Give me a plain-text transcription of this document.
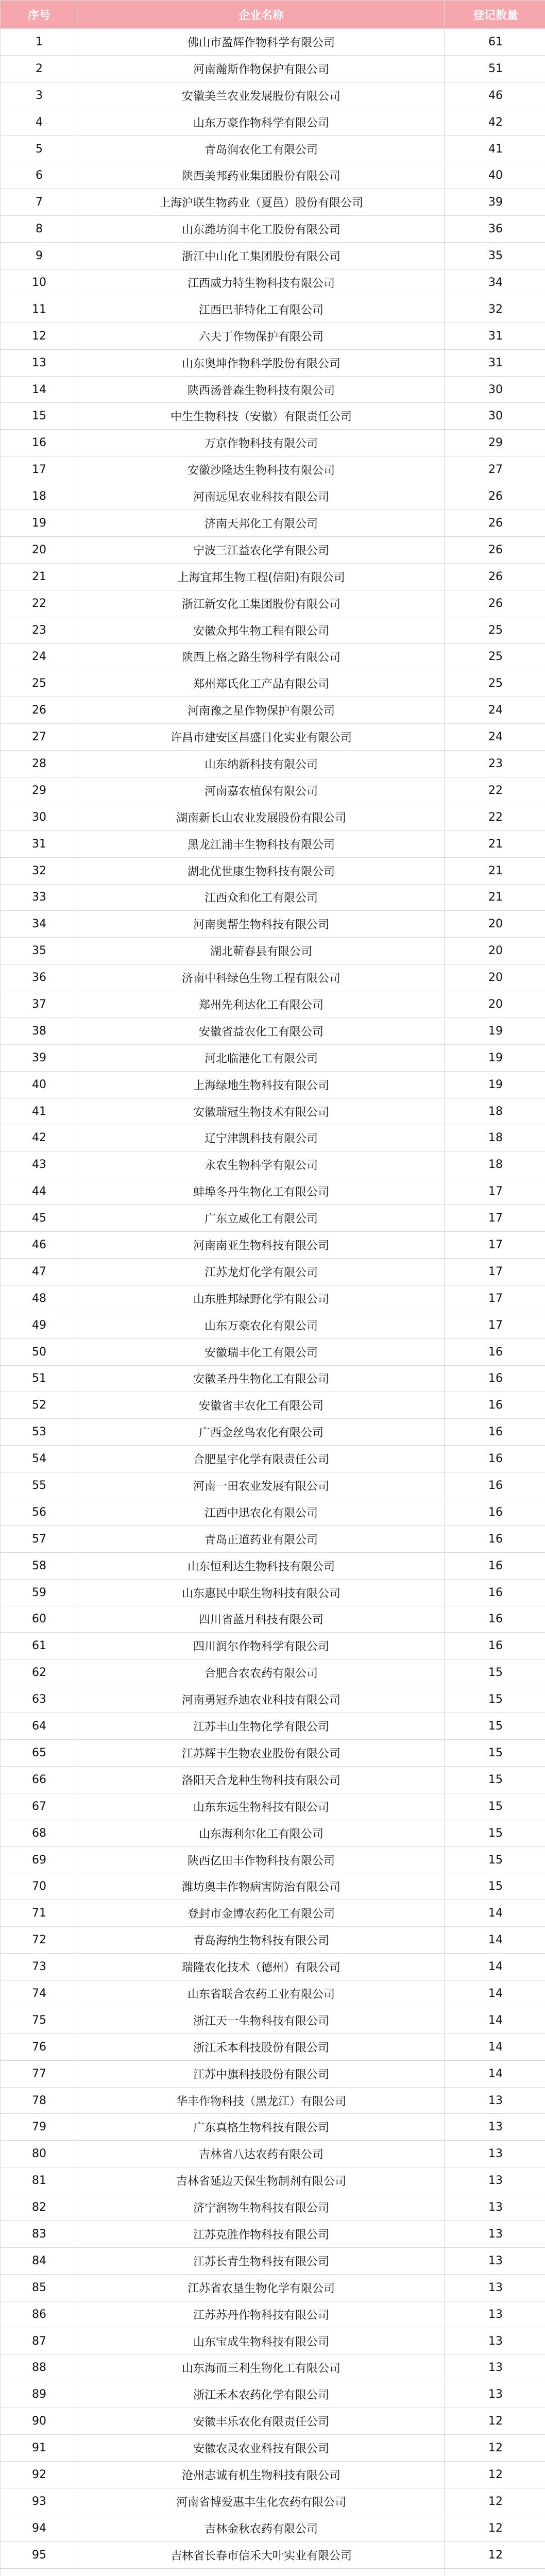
序号	企业名称	登记数量
1	佛山市盈辉作物科学有限公司	61
2	河南瀚斯作物保护有限公司	51
3	安徽美兰农业发展股份有限公司	46
4	山东万豪作物科学有限公司	42
5	青岛润农化工有限公司	41
6	陕西美邦药业集团股份有限公司	40
7	上海沪联生物药业（夏邑）股份有限公司	39
8	山东潍坊润丰化工股份有限公司	36
9	浙江中山化工集团股份有限公司	35
10	江西威力特生物科技有限公司	34
11	江西巴菲特化工有限公司	32
12	六夫丁作物保护有限公司	31
13	山东奥坤作物科学股份有限公司	31
14	陕西汤普森生物科技有限公司	30
15	中生生物科技（安徽）有限责任公司	30
16	万京作物科技有限公司	29
17	安徽沙隆达生物科技有限公司	27
18	河南远见农业科技有限公司	26
19	济南天邦化工有限公司	26
20	宁波三江益农化学有限公司	26
21	上海宜邦生物工程(信阳)有限公司	26
22	浙江新安化工集团股份有限公司	26
23	安徽众邦生物工程有限公司	25
24	陕西上格之路生物科学有限公司	25
25	郑州郑氏化工产品有限公司	25
26	河南豫之星作物保护有限公司	24
27	许昌市建安区昌盛日化实业有限公司	24
28	山东纳新科技有限公司	23
29	河南嘉农植保有限公司	22
30	湖南新长山农业发展股份有限公司	22
31	黑龙江浦丰生物科技有限公司	21
32	湖北优世康生物科技有限公司	21
33	江西众和化工有限公司	21
34	河南奥帮生物科技有限公司	20
35	湖北蕲春县有限公司	20
36	济南中科绿色生物工程有限公司	20
37	郑州先利达化工有限公司	20
38	安徽省益农化工有限公司	19
39	河北临港化工有限公司	19
40	上海绿地生物科技有限公司	19
41	安徽瑞冠生物技术有限公司	18
42	辽宁津凯科技有限公司	18
43	永农生物科学有限公司	18
44	蚌埠冬丹生物化工有限公司	17
45	广东立威化工有限公司	17
46	河南南亚生物科技有限公司	17
47	江苏龙灯化学有限公司	17
48	山东胜邦绿野化学有限公司	17
49	山东万豪农化有限公司	17
50	安徽瑞丰化工有限公司	16
51	安徽圣丹生物化工有限公司	16
52	安徽省丰农化工有限公司	16
53	广西金丝鸟农化有限公司	16
54	合肥星宇化学有限责任公司	16
55	河南一田农业发展有限公司	16
56	江西中迅农化有限公司	16
57	青岛正道药业有限公司	16
58	山东恒利达生物科技有限公司	16
59	山东惠民中联生物科技有限公司	16
60	四川省蓝月科技有限公司	16
61	四川润尔作物科学有限公司	16
62	合肥合农农药有限公司	15
63	河南勇冠乔迪农业科技有限公司	15
64	江苏丰山生物化学有限公司	15
65	江苏辉丰生物农业股份有限公司	15
66	洛阳天合龙种生物科技有限公司	15
67	山东东远生物科技有限公司	15
68	山东海利尔化工有限公司	15
69	陕西亿田丰作物科技有限公司	15
70	潍坊奥丰作物病害防治有限公司	15
71	登封市金博农药化工有限公司	14
72	青岛海纳生物科技有限公司	14
73	瑞隆农化技术（德州）有限公司	14
74	山东省联合农药工业有限公司	14
75	浙江天一生物科技有限公司	14
76	浙江禾本科技股份有限公司	14
77	江苏中旗科技股份有限公司	14
78	华丰作物科技（黑龙江）有限公司	13
79	广东真格生物科技有限公司	13
80	吉林省八达农药有限公司	13
81	吉林省延边天保生物制剂有限公司	13
82	济宁润物生物科技有限公司	13
83	江苏克胜作物科技有限公司	13
84	江苏长青生物科技有限公司	13
85	江苏省农垦生物化学有限公司	13
86	江苏苏丹作物科技有限公司	13
87	山东宝成生物科技有限公司	13
88	山东海而三利生物化工有限公司	13
89	浙江禾本农药化学有限公司	13
90	安徽丰乐农化有限责任公司	12
91	安徽农灵农业科技有限公司	12
92	沧州志诚有机生物科技有限公司	12
93	河南省博爱惠丰生化农药有限公司	12
94	吉林金秋农药有限公司	12
95	吉林省长春市信禾大叶实业有限公司	12
